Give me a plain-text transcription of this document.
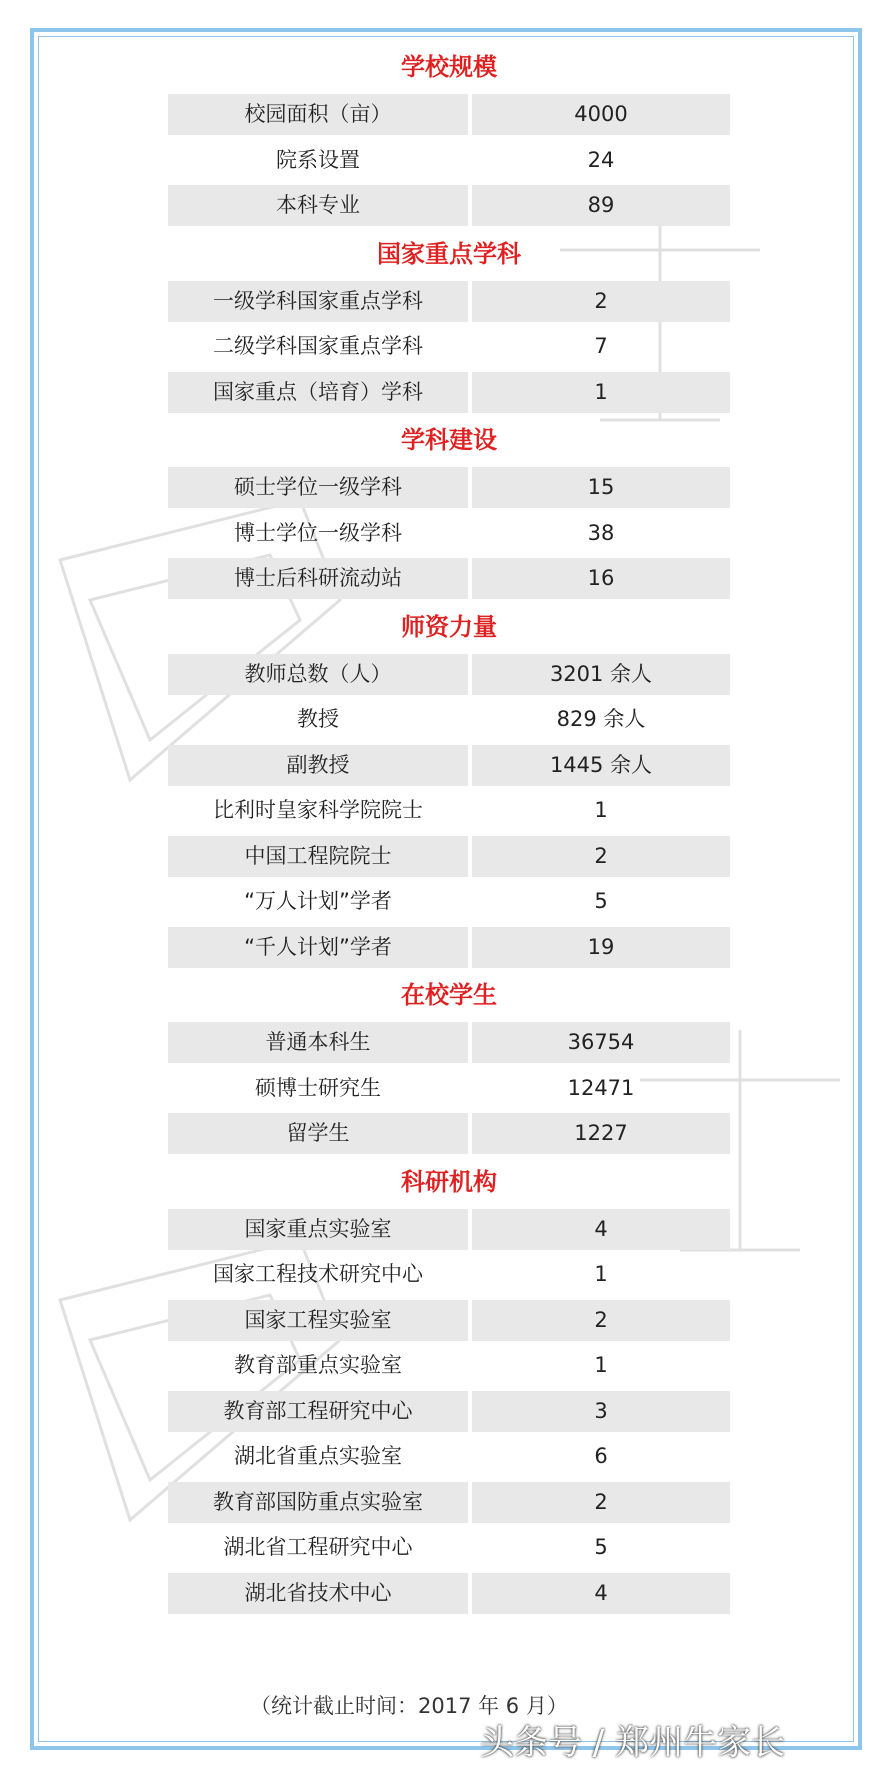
学校规模
校园面积（亩）	4000
院系设置	24
本科专业	89
国家重点学科
一级学科国家重点学科	2
二级学科国家重点学科	7
国家重点（培育）学科	1
学科建设
硕士学位一级学科	15
博士学位一级学科	38
博士后科研流动站	16
师资力量
教师总数（人）	3201 余人
教授	829 余人
副教授	1445 余人
比利时皇家科学院院士	1
中国工程院院士	2
“万人计划”学者	5
“千人计划”学者	19
在校学生
普通本科生	36754
硕博士研究生	12471
留学生	1227
科研机构
国家重点实验室	4
国家工程技术研究中心	1
国家工程实验室	2
教育部重点实验室	1
教育部工程研究中心	3
湖北省重点实验室	6
教育部国防重点实验室	2
湖北省工程研究中心	5
湖北省技术中心	4
（统计截止时间：2017 年 6 月）
头条号 / 郑州牛家长
